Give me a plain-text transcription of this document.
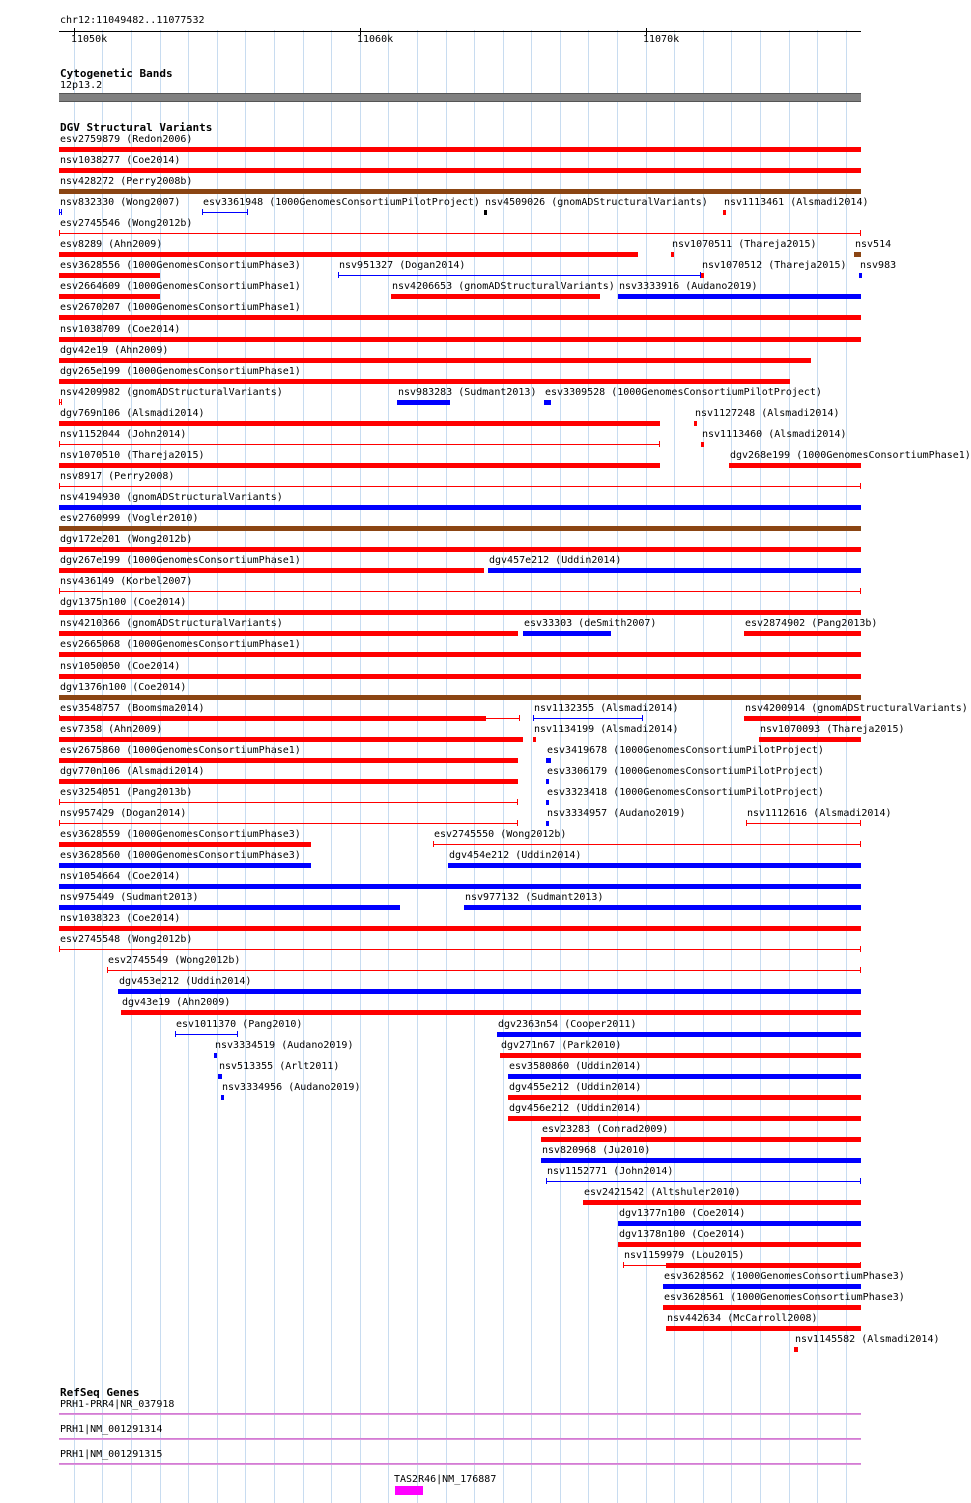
chr12:11049482..11077532
11050k	11060k	11070k
Cytogenetic Bands
12p13.2
DGV Structural Variants
esv2759879 (Redon2006)
nsv1038277 (Coe2014)
nsv428272 (Perry2008b)
nsv832330 (Wong2007) esv3361948 (1000GenomesConsortiumPilotProject) nsv4509026 (gnomADStructuralVariants) nsv1113461 (Alsmadi2014)
esv2745546 (Wong2012b)
esv8289 (Ahn2009)	nsv1070511 (Thareja2015)	nsv514
esv3628556 (1000GenomesConsortiumPhase3)	nsv951327 (Dogan2014)	nsv1070512 (Thareja2015) nsv983
esv2664609 (1000GenomesConsortiumPhase1)	nsv4206653 (gnomADStructuralVariants) nsv3333916 (Audano2019)
esv2670207 (1000GenomesConsortiumPhase1)
nsv1038709 (Coe2014)
dgv42e19 (Ahn2009)
dgv265e199 (1000GenomesConsortiumPhase1)
nsv4209982 (gnomADStructuralVariants)	nsv983283 (Sudmant2013) esv3309528 (1000GenomesConsortiumPilotProject)
dgv769n106 (Alsmadi2014)	nsv1127248 (Alsmadi2014)
nsv1152044 (John2014)	nsv1113460 (Alsmadi2014)
nsv1070510 (Thareja2015)	dgv268e199 (1000GenomesConsortiumPhase1)
nsv8917 (Perry2008)
nsv4194930 (gnomADStructuralVariants)
esv2760999 (Vogler2010)
dgv172e201 (Wong2012b)
dgv267e199 (1000GenomesConsortiumPhase1)	dgv457e212 (Uddin2014)
nsv436149 (Korbel2007)
dgv1375n100 (Coe2014)
nsv4210366 (gnomADStructuralVariants)	esv33303 (deSmith2007)	esv2874902 (Pang2013b)
esv2665068 (1000GenomesConsortiumPhase1)
nsv1050050 (Coe2014)
dgv1376n100 (Coe2014)
esv3548757 (Boomsma2014)	nsv1132355 (Alsmadi2014)	nsv4200914 (gnomADStructuralVariants)
esv7358 (Ahn2009)	nsv1134199 (Alsmadi2014)	nsv1070093 (Thareja2015)
esv2675860 (1000GenomesConsortiumPhase1)	esv3419678 (1000GenomesConsortiumPilotProject)
dgv770n106 (Alsmadi2014)	esv3306179 (1000GenomesConsortiumPilotProject)
esv3254051 (Pang2013b)	esv3323418 (1000GenomesConsortiumPilotProject)
nsv957429 (Dogan2014)	nsv3334957 (Audano2019)	nsv1112616 (Alsmadi2014)
esv3628559 (1000GenomesConsortiumPhase3)	esv2745550 (Wong2012b)
esv3628560 (1000GenomesConsortiumPhase3)	dgv454e212 (Uddin2014)
nsv1054664 (Coe2014)
nsv975449 (Sudmant2013)	nsv977132 (Sudmant2013)
nsv1038323 (Coe2014)
esv2745548 (Wong2012b)
esv2745549 (Wong2012b)
dgv453e212 (Uddin2014)
dgv43e19 (Ahn2009)
esv1011370 (Pang2010)	dgv2363n54 (Cooper2011)
nsv3334519 (Audano2019)	dgv271n67 (Park2010)
nsv513355 (Arlt2011)	esv3580860 (Uddin2014)
nsv3334956 (Audano2019)	dgv455e212 (Uddin2014)
dgv456e212 (Uddin2014)
esv23283 (Conrad2009)
nsv820968 (Ju2010)
nsv1152771 (John2014)
esv2421542 (Altshuler2010)
dgv1377n100 (Coe2014)
dgv1378n100 (Coe2014)
nsv1159979 (Lou2015)
esv3628562 (1000GenomesConsortiumPhase3)
esv3628561 (1000GenomesConsortiumPhase3)
nsv442634 (McCarroll2008)
nsv1145582 (Alsmadi2014)
RefSeq Genes
PRH1-PRR4|NR_037918
PRH1|NM_001291314
PRH1|NM_001291315
TAS2R46|NM_176887
